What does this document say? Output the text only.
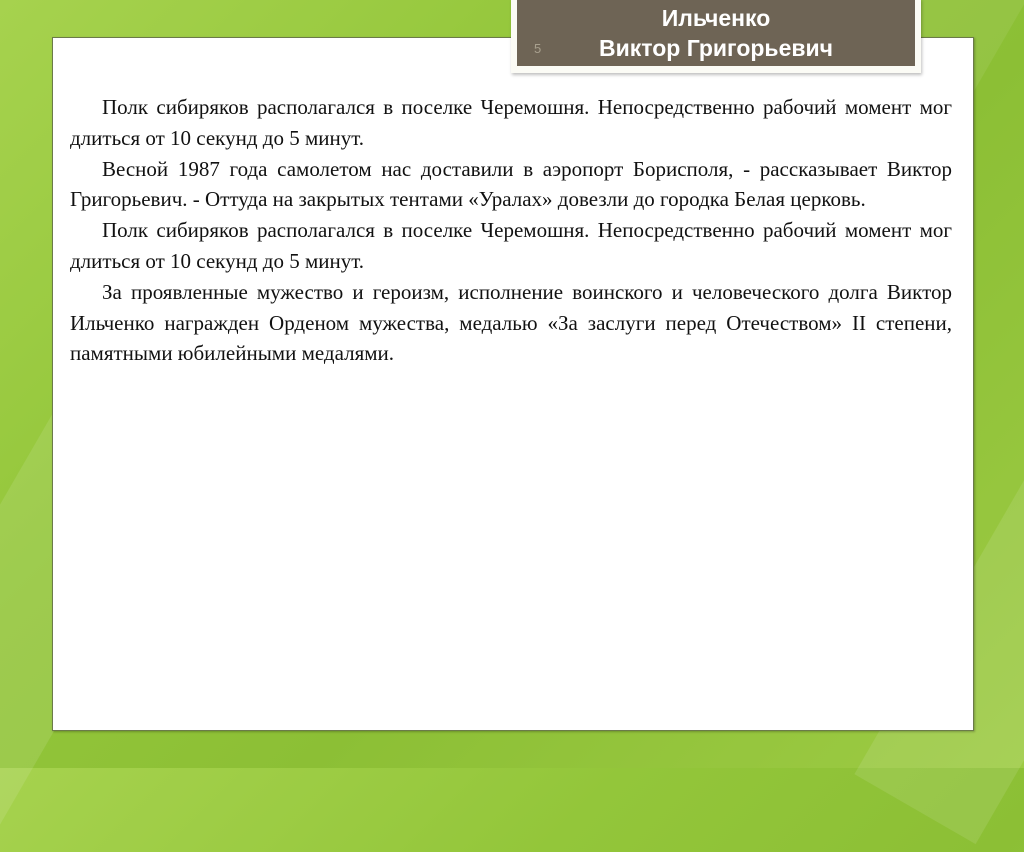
Ильченко
Виктор Григорьевич
5

Полк сибиряков располагался в поселке Черемошня. Непосредственно рабочий момент мог длиться от 10 секунд до 5 минут.

Весной 1987 года самолетом нас доставили в аэропорт Борисполя, - рассказывает Виктор Григорьевич. - Оттуда на закрытых тентами «Уралах» довезли до городка Белая церковь.

Полк сибиряков располагался в поселке Черемошня. Непосредственно рабочий момент мог длиться от 10 секунд до 5 минут.

За проявленные мужество и героизм, исполнение воинского и человеческого долга Виктор Ильченко награжден Орденом мужества, медалью «За заслуги перед Отечеством» II степени, памятными юбилейными медалями.
